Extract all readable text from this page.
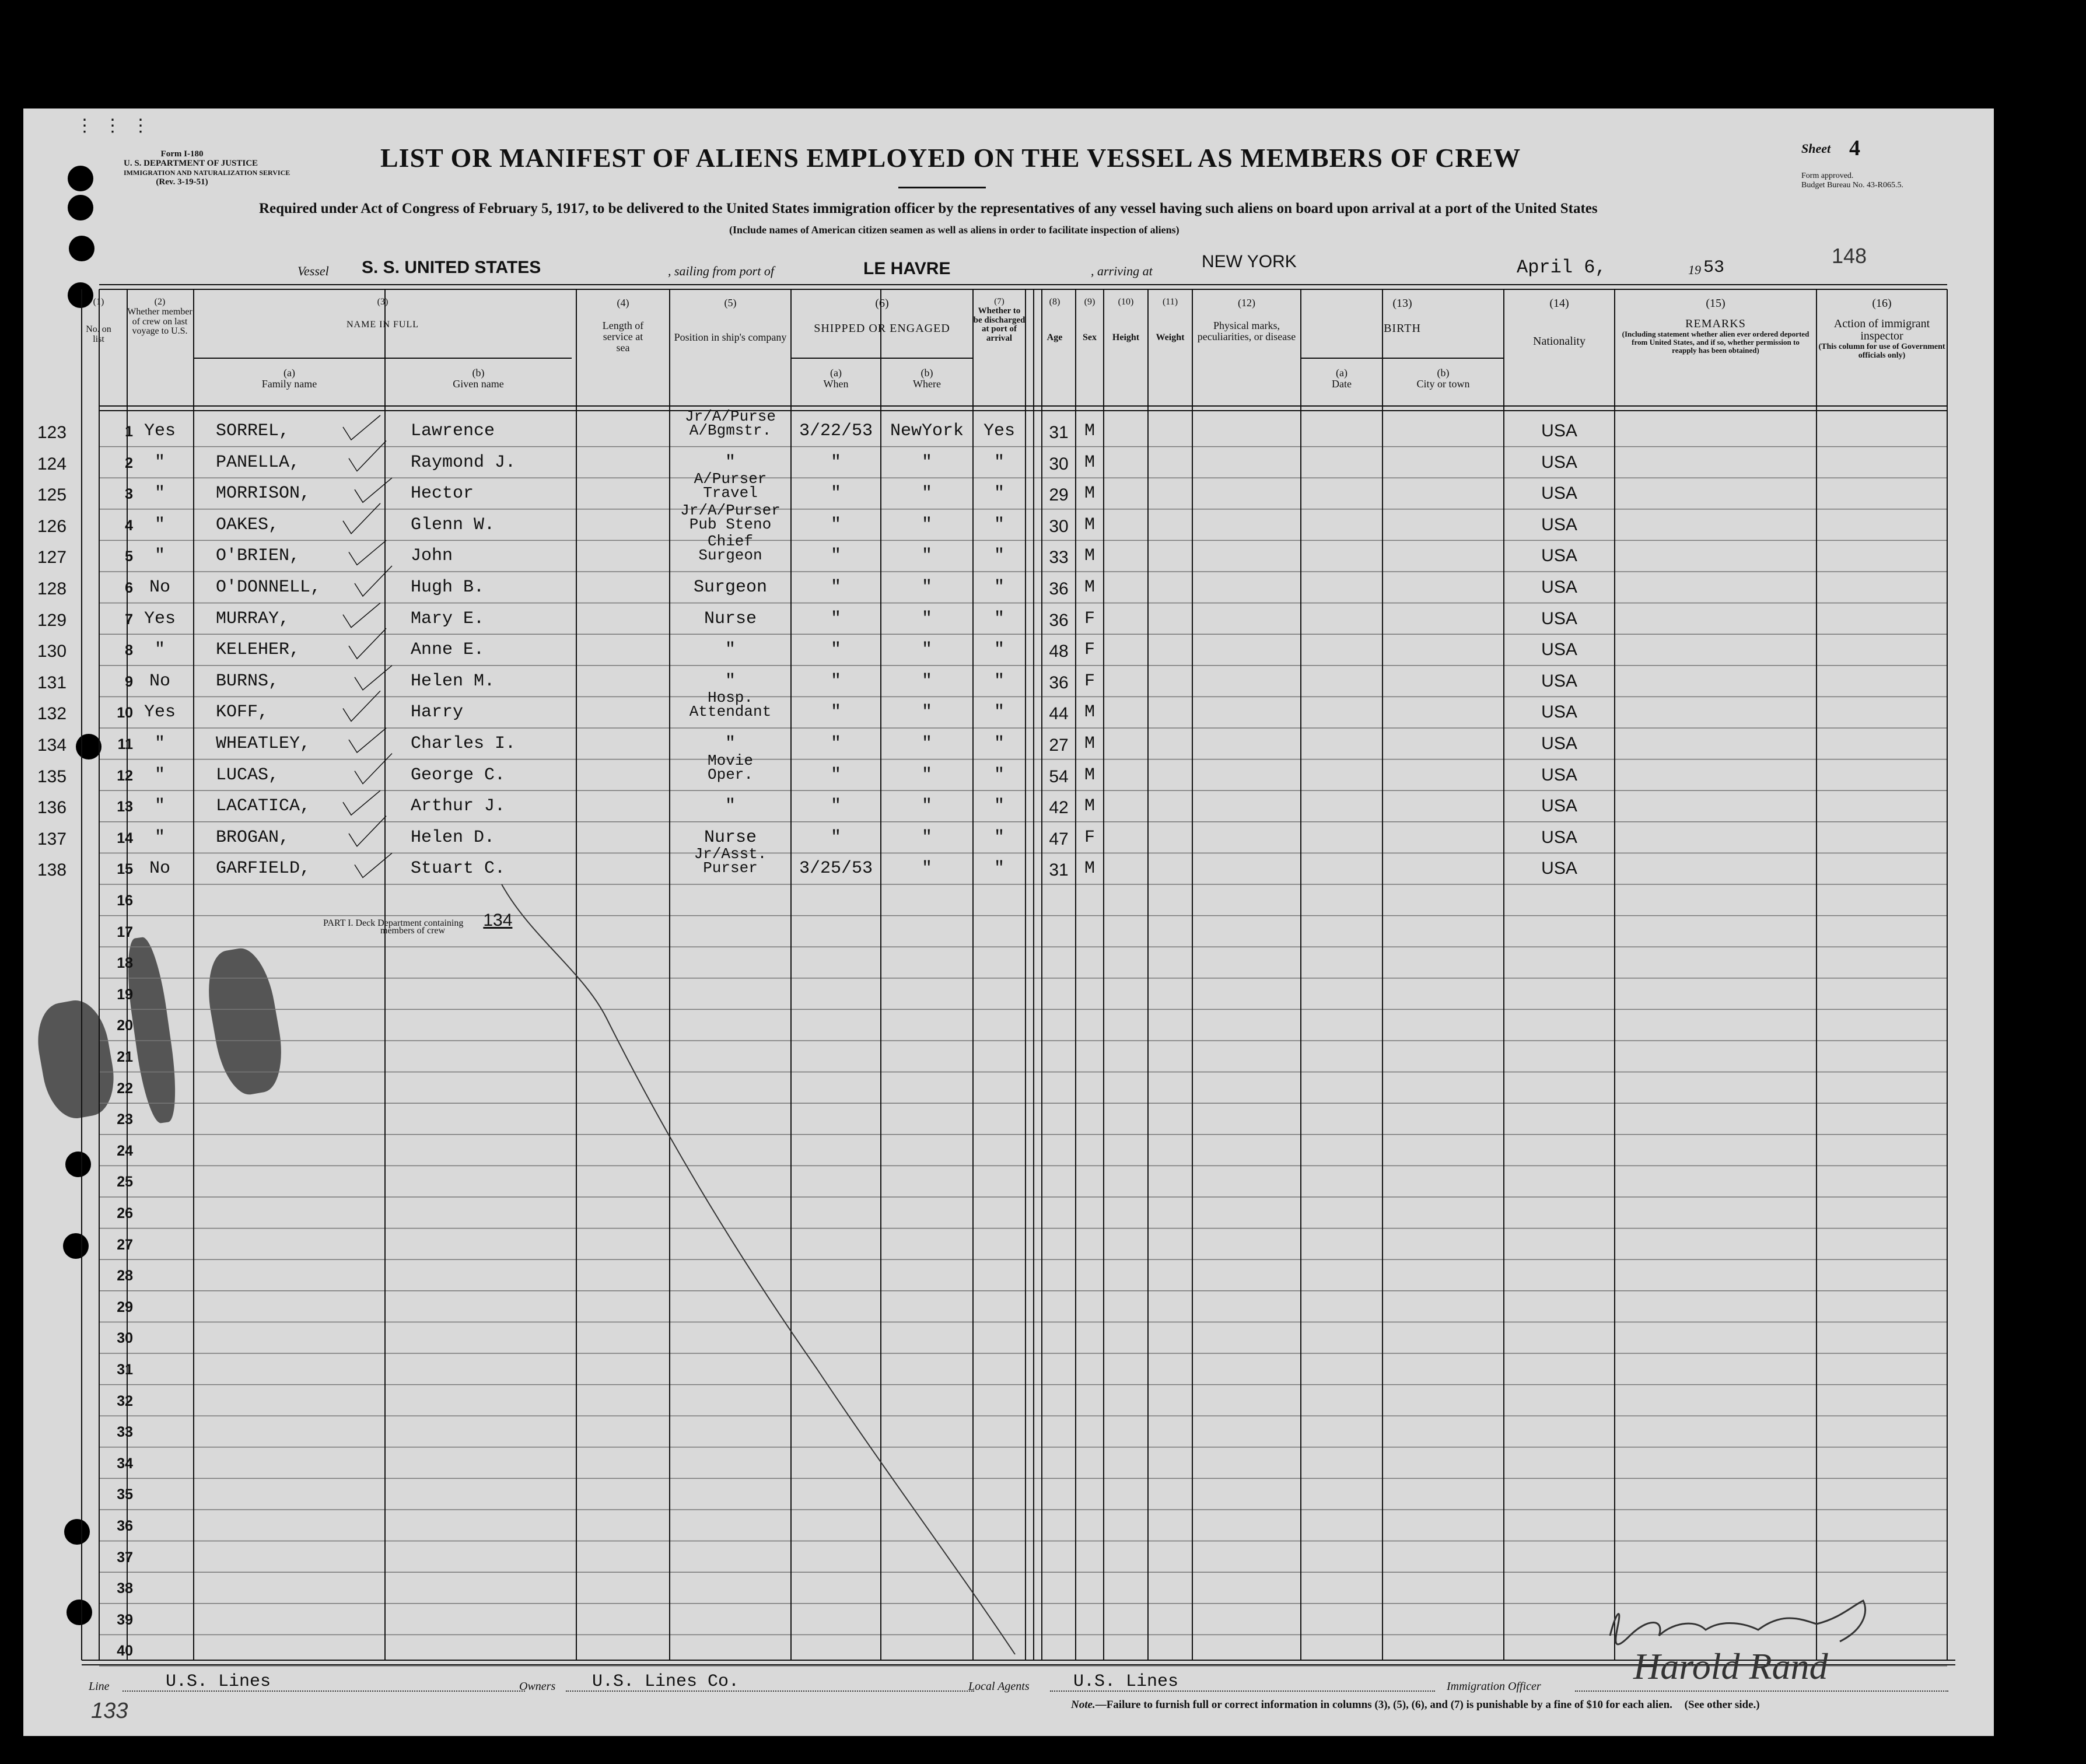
⋮ ⋮ ⋮
Form I-180
U. S. DEPARTMENT OF JUSTICE
IMMIGRATION AND NATURALIZATION SERVICE
(Rev. 3-19-51)
LIST OR MANIFEST OF ALIENS EMPLOYED ON THE VESSEL AS MEMBERS OF CREW
Required under Act of Congress of February 5, 1917, to be delivered to the United States immigration officer by the representatives of any vessel having such aliens on board upon arrival at a port of the United States
(Include names of American citizen seamen as well as aliens in order to facilitate inspection of aliens)
Sheet 4
Form approved.
Budget Bureau No. 43-R065.5.
148
Vessel S. S. UNITED STATES	, sailing from port of	LE HAVRE	, arriving at	NEW YORK	April 6,	19 53
(1)
No. on list
(2)
Whether member of crew on last voyage to U.S.
(3)
NAME IN FULL
(a)
Family name
(b)
Given name
(4)
Length of service at sea
(5)
Position in ship's company
(6)
SHIPPED OR ENGAGED
(a)
When
(b)
Where
(7)
Whether to be discharged at port of arrival
(8)
Age
(9)
Sex
(10)
Height
(11)
Weight
(12)
Physical marks, peculiarities, or disease
(13)
BIRTH
(a)
Date
(b)
City or town
(14)
Nationality
(15)
REMARKS
(Including statement whether alien ever ordered deported from United States, and if so, whether permission to reapply has been obtained)
(16)
Action of immigrant inspector
(This column for use of Government officials only)
1
123	Yes	SORREL,	Lawrence
Jr/A/Purse
A/Bgmstr.	3/22/53 NewYork	Yes	31 M	USA
2
124	"	PANELLA,	Raymond J.	"	"	"	"	30 M	USA
3
125	"	MORRISON,	Hector
A/Purser
Travel	"	"	"	29 M	USA
4
126	"	OAKES,	Glenn W.
Jr/A/Purser
Pub Steno	"	"	"	30 M	USA
5
127	"	O'BRIEN,	John
Chief
Surgeon	"	"	"	33 M	USA
6
128	No	O'DONNELL,	Hugh B.	Surgeon	"	"	"	36 M	USA
7
129	Yes	MURRAY,	Mary E.	Nurse	"	"	"	36 F	USA
8
130	"	KELEHER,	Anne E.	"	"	"	"	48 F	USA
9
131	No	BURNS,	Helen M.	"	"	"	"	36 F	USA
10
132	Yes	KOFF,	Harry
Hosp.
Attendant	"	"	"	44 M	USA
11
134	"	WHEATLEY,	Charles I.	"	"	"	"	27 M	USA
12
135	"	LUCAS,	George C.
Movie
Oper.	"	"	"	54 M	USA
13
136	"	LACATICA,	Arthur J.	"	"	"	"	42 M	USA
14
137	"	BROGAN,	Helen D.	Nurse	"	"	"	47 F	USA
15
138	No	GARFIELD,	Stuart C.
Jr/Asst.
Purser	3/25/53	"	"	31 M	USA
16
17
18
19
20
21
22
23
24
25
26
27
28
29
30
31
32
33
34
35
36
37
38
39
40
PART I. Deck Department containing 134
members of crew
Line	U.S. Lines	Owners U.S. Lines Co.	Local Agents	U.S. Lines	Immigration Officer Harold Rand
Note.—Failure to furnish full or correct information in columns (3), (5), (6), and (7) is punishable by a fine of $10 for each alien. (See other side.)
133
